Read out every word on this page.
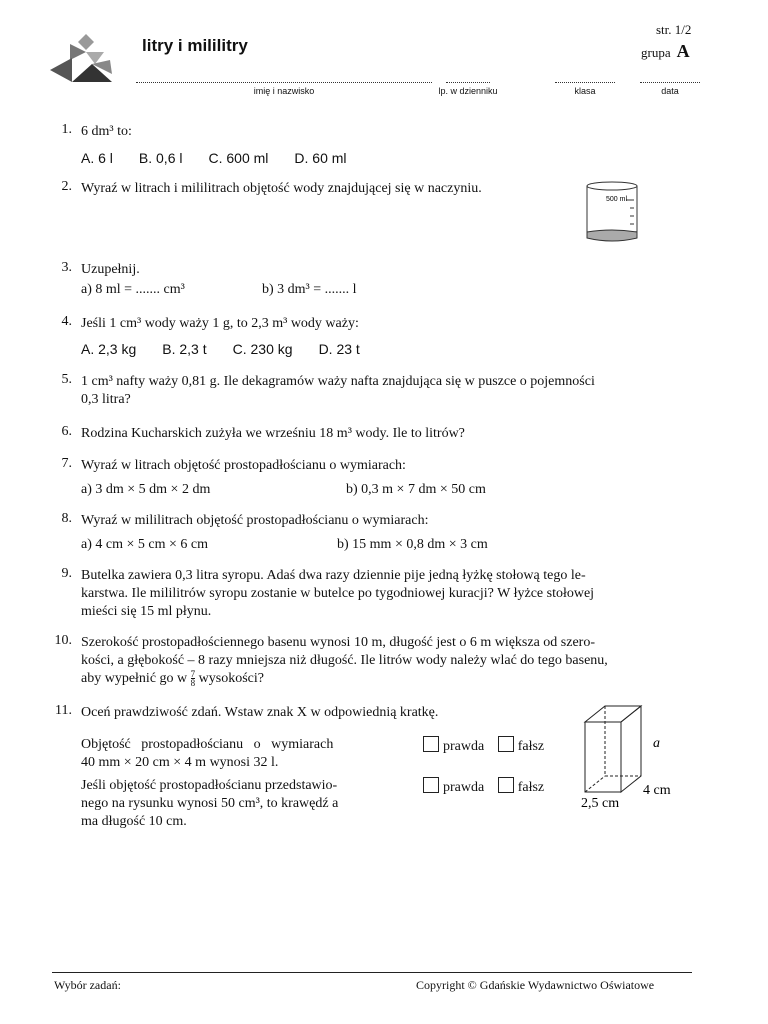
litry i mililitry
str. 1/2
grupa A
imię i nazwisko	lp. w dzienniku	klasa	data
1. 6 dm³ to:
A. 6 l B. 0,6 l C. 600 ml D. 60 ml
2. Wyraź w litrach i mililitrach objętość wody znajdującej się w naczyniu.
500 ml
3. Uzupełnij.
a) 8 ml = ....... cm³	b) 3 dm³ = ....... l
4. Jeśli 1 cm³ wody waży 1 g, to 2,3 m³ wody waży:
A. 2,3 kg B. 2,3 t C. 230 kg D. 23 t
5. 1 cm³ nafty waży 0,81 g. Ile dekagramów waży nafta znajdująca się w puszce o pojemności
0,3 litra?
6. Rodzina Kucharskich zużyła we wrześniu 18 m³ wody. Ile to litrów?
7. Wyraź w litrach objętość prostopadłościanu o wymiarach:
a) 3 dm × 5 dm × 2 dm	b) 0,3 m × 7 dm × 50 cm
8. Wyraź w mililitrach objętość prostopadłościanu o wymiarach:
a) 4 cm × 5 cm × 6 cm	b) 15 mm × 0,8 dm × 3 cm
9. Butelka zawiera 0,3 litra syropu. Adaś dwa razy dziennie pije jedną łyżkę stołową tego le-
karstwa. Ile mililitrów syropu zostanie w butelce po tygodniowej kuracji? W łyżce stołowej
mieści się 15 ml płynu.
10. Szerokość prostopadłościennego basenu wynosi 10 m, długość jest o 6 m większa od szero-
kości, a głębokość – 8 razy mniejsza niż długość. Ile litrów wody należy wlać do tego basenu,
aby wypełnić go w $\frac{7}{8}$ wysokości?
11. Oceń prawdziwość zdań. Wstaw znak X w odpowiednią kratkę.
Objętość   prostopadłościanu   o   wymiarach
40 mm × 20 cm × 4 m wynosi 32 l.
Jeśli objętość prostopadłościanu przedstawio-
nego na rysunku wynosi 50 cm³, to krawędź a
ma długość 10 cm.
prawda fałsz
prawda fałsz
a
4 cm
2,5 cm
Wybór zadań:	Copyright © Gdańskie Wydawnictwo Oświatowe
